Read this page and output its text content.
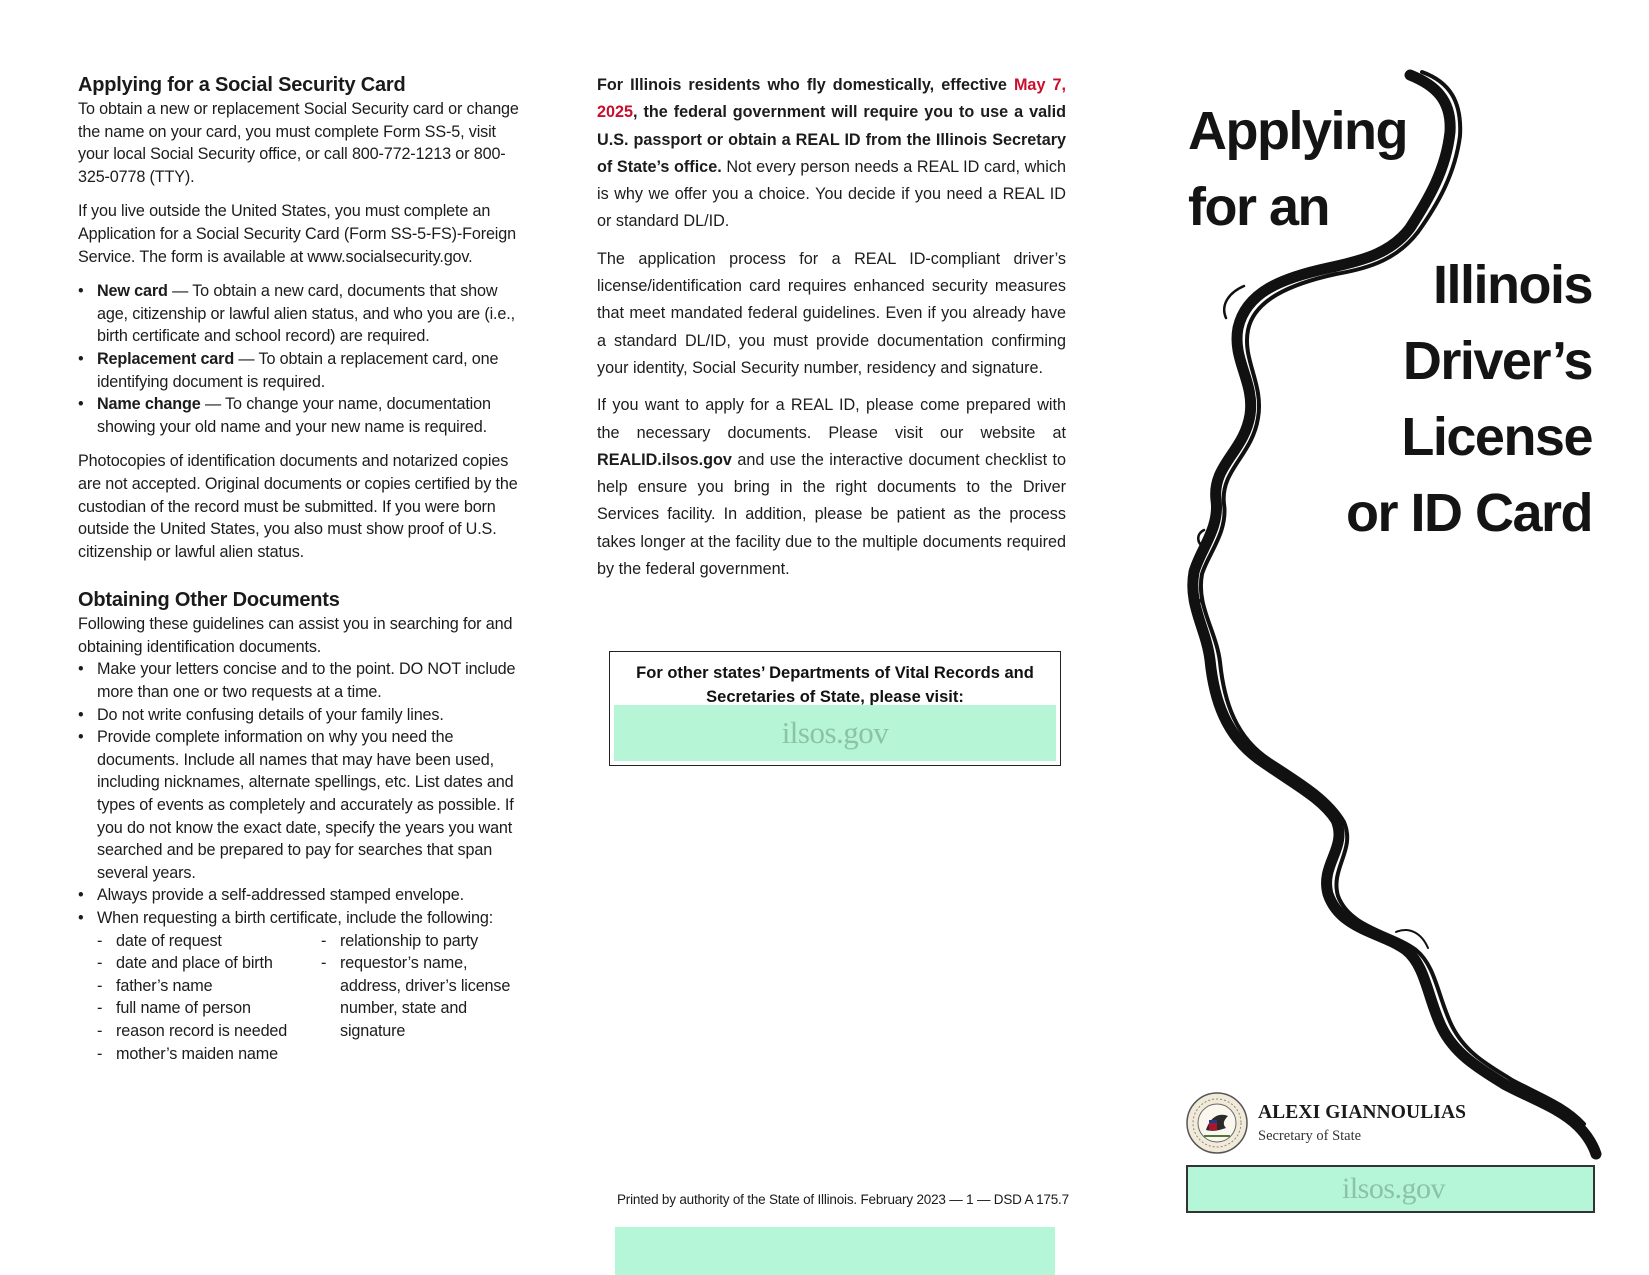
Applying for a Social Security Card

To obtain a new or replacement Social Security card or change the name on your card, you must complete Form SS-5, visit your local Social Security office, or call 800-772-1213 or 800-325-0778 (TTY).

If you live outside the United States, you must complete an Application for a Social Security Card (Form SS-5-FS)-Foreign Service. The form is available at www.socialsecurity.gov.

• New card — To obtain a new card, documents that show age, citizenship or lawful alien status, and who you are (i.e., birth certificate and school record) are required.
• Replacement card — To obtain a replacement card, one identifying document is required.
• Name change — To change your name, documentation showing your old name and your new name is required.

Photocopies of identification documents and notarized copies are not accepted. Original documents or copies certified by the custodian of the record must be submitted. If you were born outside the United States, you also must show proof of U.S. citizenship or lawful alien status.

Obtaining Other Documents

Following these guidelines can assist you in searching for and obtaining identification documents.

• Make your letters concise and to the point. DO NOT include more than one or two requests at a time.
• Do not write confusing details of your family lines.
• Provide complete information on why you need the documents. Include all names that may have been used, including nicknames, alternate spellings, etc. List dates and types of events as completely and accurately as possible. If you do not know the exact date, specify the years you want searched and be prepared to pay for searches that span several years.
• Always provide a self-addressed stamped envelope.
• When requesting a birth certificate, include the following:
- date of request
- date and place of birth
- father’s name
- full name of person
- reason record is needed
- mother’s maiden name
- relationship to party
- requestor’s name, address, driver’s license number, state and signature

For Illinois residents who fly domestically, effective May 7, 2025, the federal government will require you to use a valid U.S. passport or obtain a REAL ID from the Illinois Secretary of State’s office. Not every person needs a REAL ID card, which is why we offer you a choice. You decide if you need a REAL ID or standard DL/ID.

The application process for a REAL ID-compliant driver’s license/identification card requires enhanced security measures that meet mandated federal guidelines. Even if you already have a standard DL/ID, you must provide documentation confirming your identity, Social Security number, residency and signature.

If you want to apply for a REAL ID, please come prepared with the necessary documents. Please visit our website at REALID.ilsos.gov and use the interactive document checklist to help ensure you bring in the right documents to the Driver Services facility. In addition, please be patient as the process takes longer at the facility due to the multiple documents required by the federal government.

For other states’ Departments of Vital Records and Secretaries of State, please visit:
ilsos.gov
Printed by authority of the State of Illinois. February 2023 — 1 — DSD A 175.7
Applying
for an
Illinois
Driver’s
License
or ID Card
ALEXI GIANNOULIAS
Secretary of State
ilsos.gov
